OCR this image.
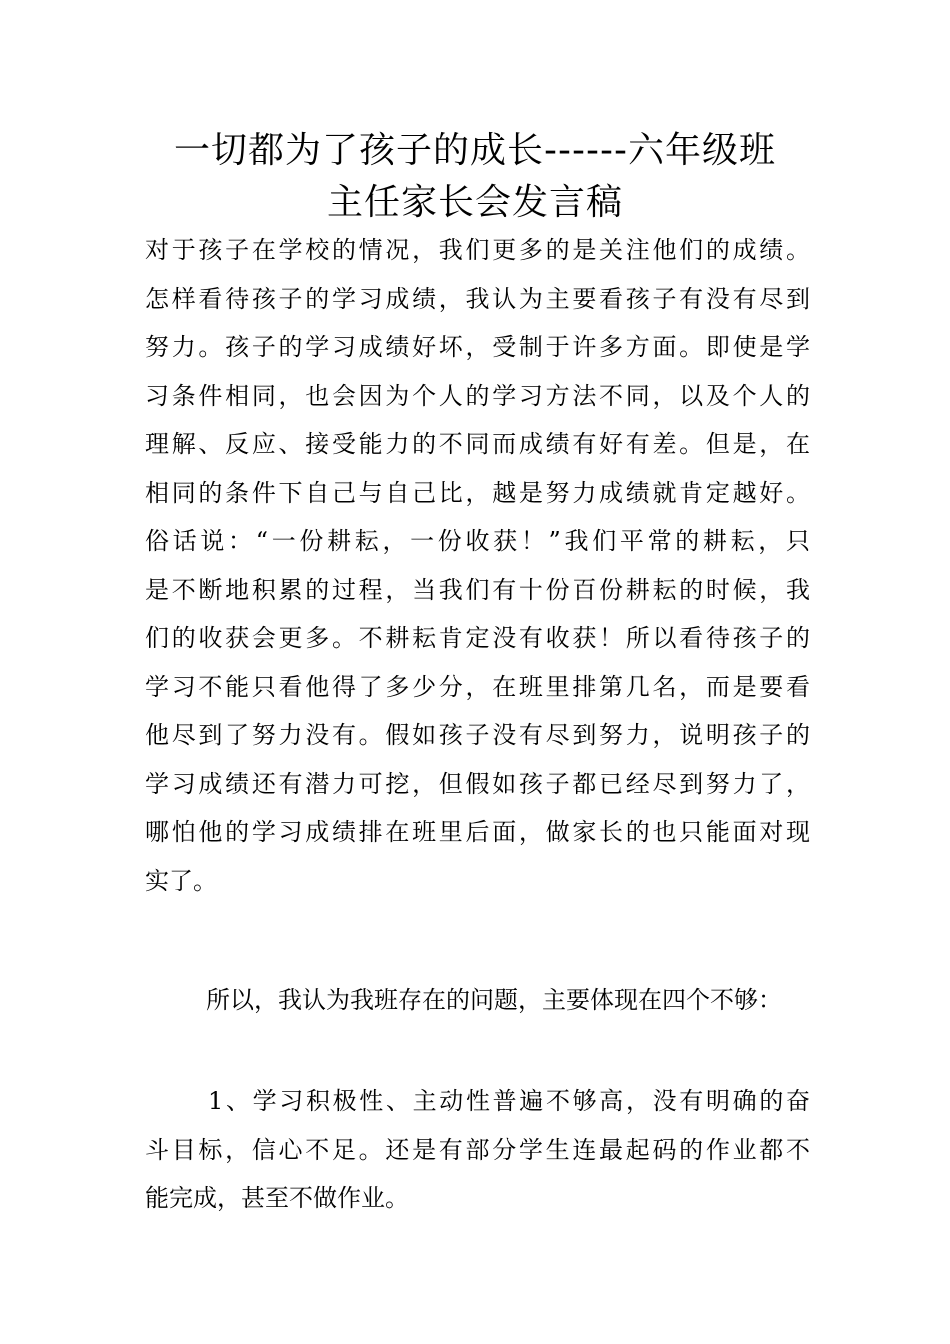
一切都为了孩子的成长------六年级班
主任家长会发言稿
对于孩子在学校的情况，我们更多的是关注他们的成绩。
怎样看待孩子的学习成绩，我认为主要看孩子有没有尽到
努力。孩子的学习成绩好坏，受制于许多方面。即使是学
习条件相同，也会因为个人的学习方法不同，以及个人的
理解、反应、接受能力的不同而成绩有好有差。但是，在
相同的条件下自己与自己比，越是努力成绩就肯定越好。
俗话说：“一份耕耘，一份收获！”我们平常的耕耘，只
是不断地积累的过程，当我们有十份百份耕耘的时候，我
们的收获会更多。不耕耘肯定没有收获！所以看待孩子的
学习不能只看他得了多少分，在班里排第几名，而是要看
他尽到了努力没有。假如孩子没有尽到努力，说明孩子的
学习成绩还有潜力可挖，但假如孩子都已经尽到努力了，
哪怕他的学习成绩排在班里后面，做家长的也只能面对现
实了。
所以，我认为我班存在的问题，主要体现在四个不够：
1、学习积极性、主动性普遍不够高，没有明确的奋
斗目标，信心不足。还是有部分学生连最起码的作业都不
能完成，甚至不做作业。
